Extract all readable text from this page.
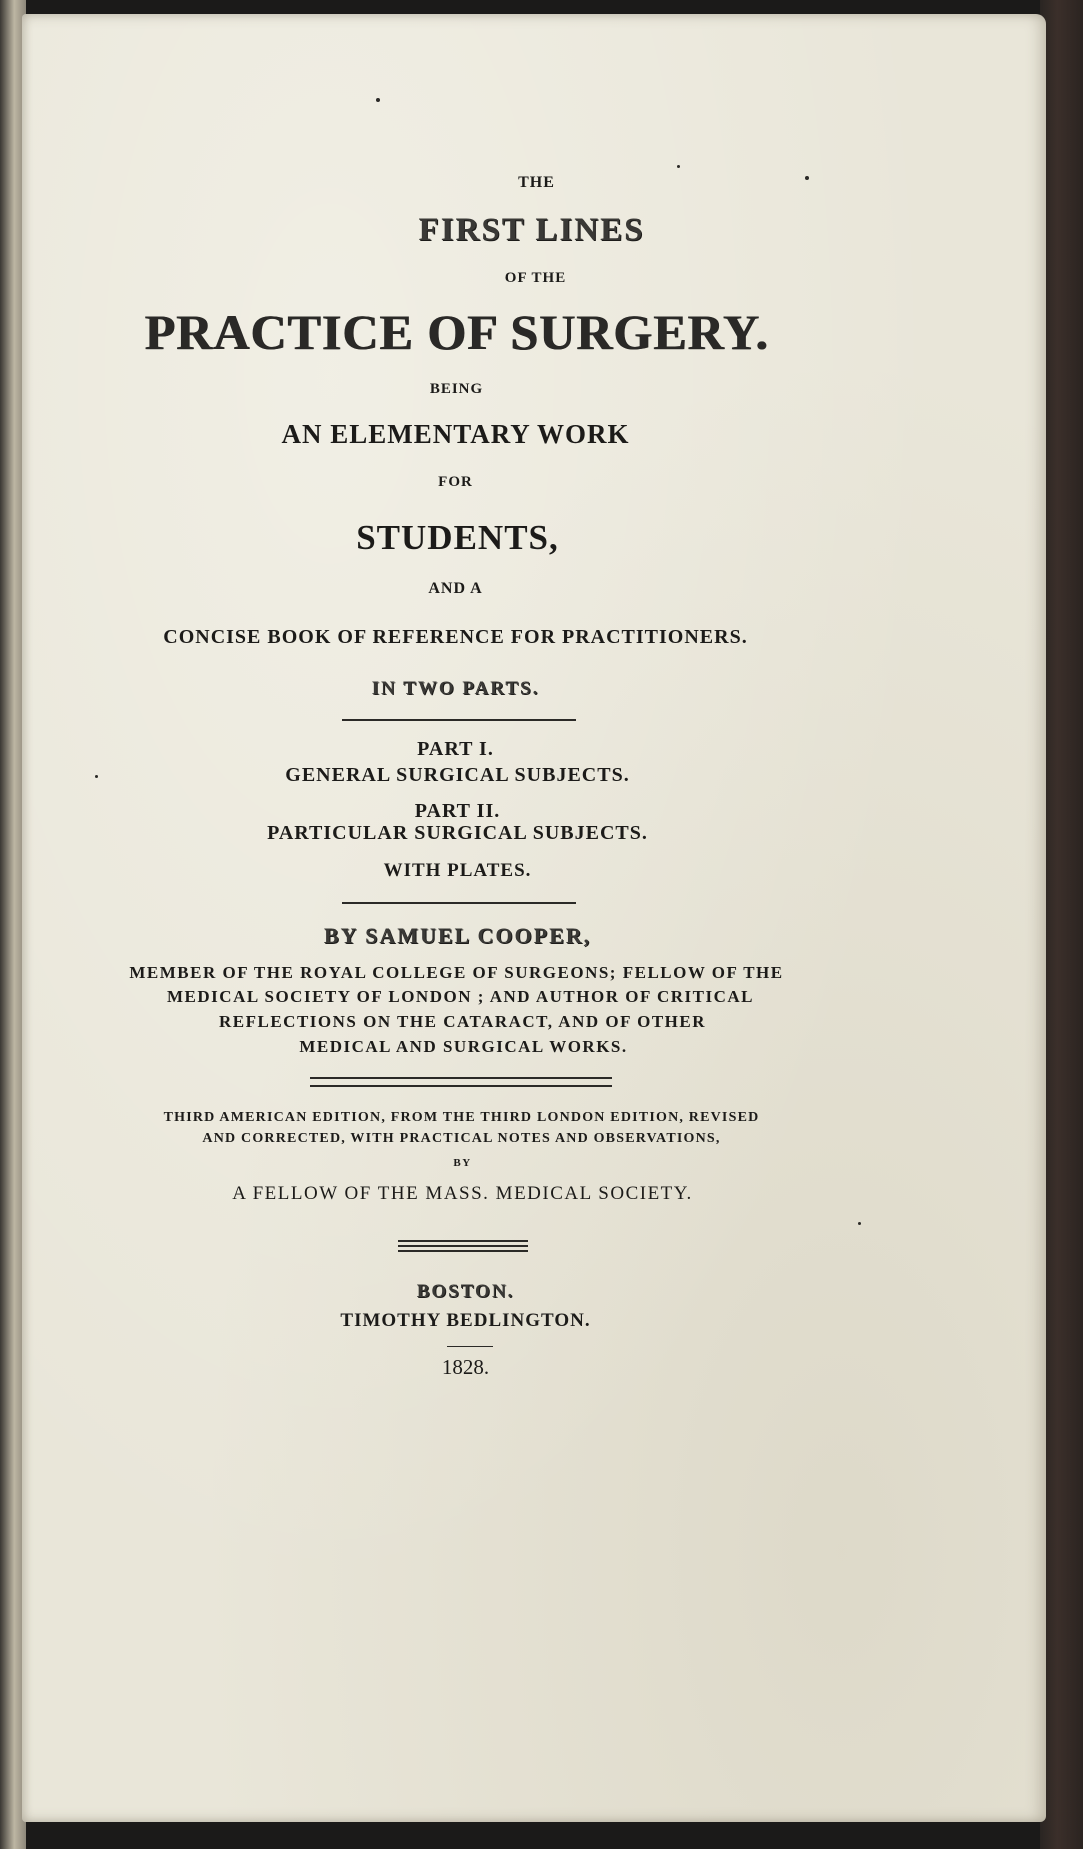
THE

FIRST LINES

OF THE

PRACTICE OF SURGERY.

BEING

AN ELEMENTARY WORK

FOR

STUDENTS,

AND A

CONCISE BOOK OF REFERENCE FOR PRACTITIONERS.

IN TWO PARTS.

PART I.

GENERAL SURGICAL SUBJECTS.

PART II.

PARTICULAR SURGICAL SUBJECTS.

WITH PLATES.

BY SAMUEL COOPER,

MEMBER OF THE ROYAL COLLEGE OF SURGEONS; FELLOW OF THE

MEDICAL SOCIETY OF LONDON ; AND AUTHOR OF CRITICAL

REFLECTIONS ON THE CATARACT, AND OF OTHER

MEDICAL AND SURGICAL WORKS.

THIRD AMERICAN EDITION, FROM THE THIRD LONDON EDITION, REVISED

AND CORRECTED, WITH PRACTICAL NOTES AND OBSERVATIONS,

BY

A FELLOW OF THE MASS. MEDICAL SOCIETY.

BOSTON.

TIMOTHY BEDLINGTON.

1828.
